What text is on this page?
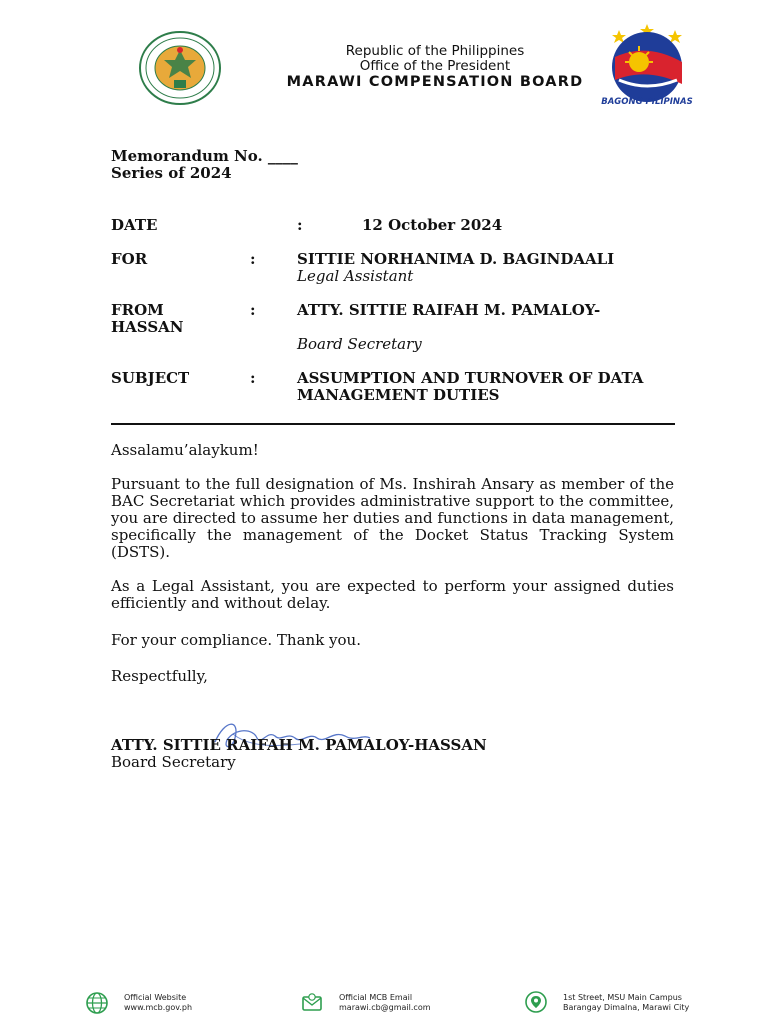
Republic of the Philippines
Office of the President
MARAWI COMPENSATION BOARD
BAGONG PILIPINAS
Memorandum No. ____
Series of 2024
DATE	:	12 October 2024
FOR	:	SITTIE NORHANIMA D. BAGINDAALI
Legal Assistant
FROM	:	ATTY. SITTIE RAIFAH M. PAMALOY-
HASSAN
Board Secretary
SUBJECT	:	ASSUMPTION AND TURNOVER OF DATA
MANAGEMENT DUTIES
Assalamu’alaykum!
Pursuant to the full designation of Ms. Inshirah Ansary as member of the BAC Secretariat which provides administrative support to the committee, you are directed to assume her duties and functions in data management, specifically the management of the Docket Status Tracking System (DSTS).
As a Legal Assistant, you are expected to perform your assigned duties efficiently and without delay.
For your compliance. Thank you.
Respectfully,
ATTY. SITTIE RAIFAH M. PAMALOY-HASSAN
Board Secretary
Official Website
www.mcb.gov.ph
Official MCB Email
marawi.cb@gmail.com
1st Street, MSU Main Campus
Barangay Dimalna, Marawi City
